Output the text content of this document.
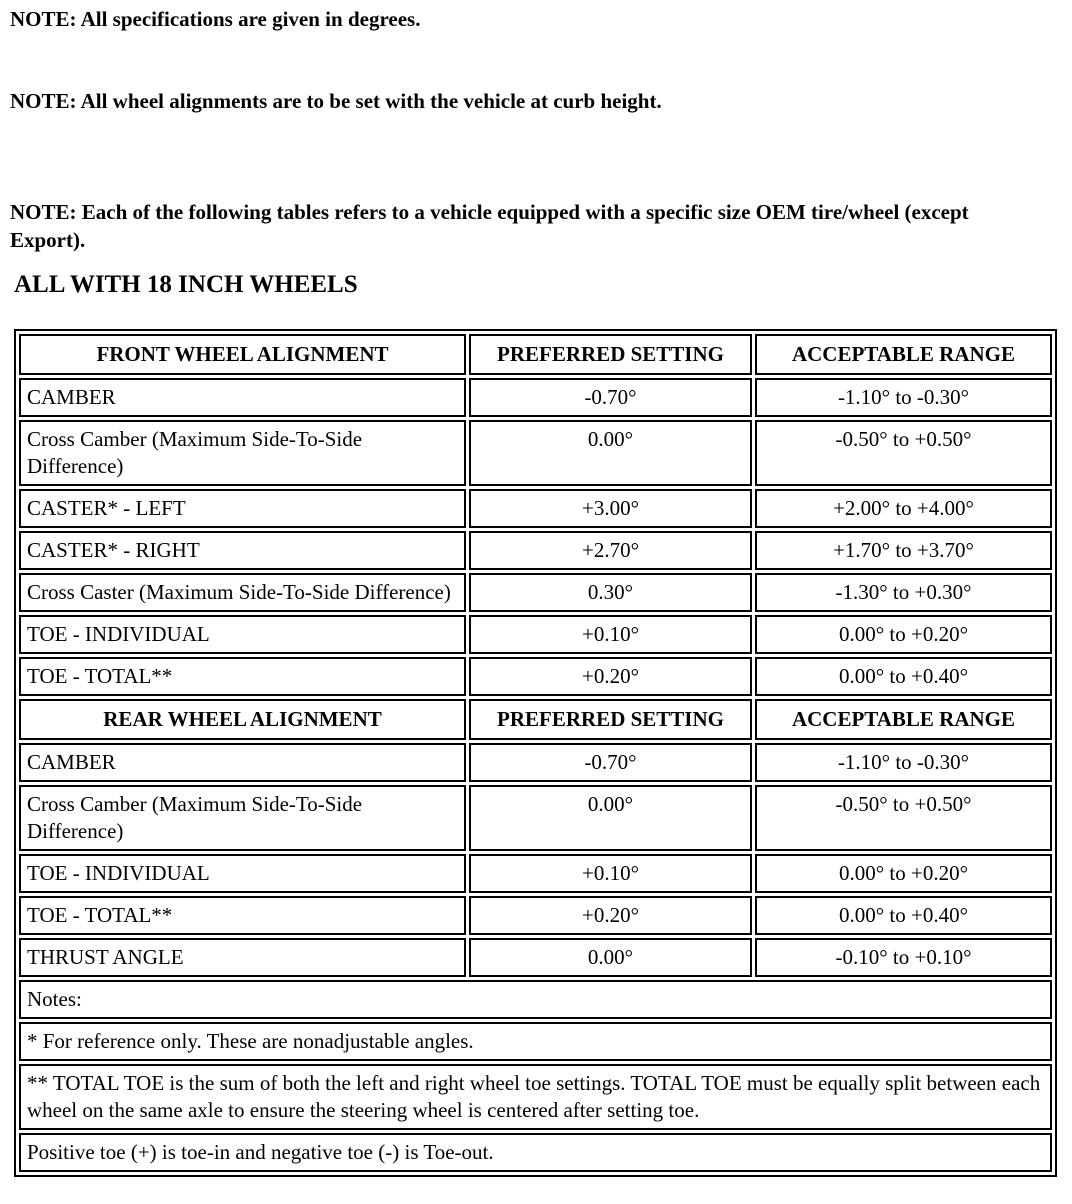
NOTE: All specifications are given in degrees.

NOTE: All wheel alignments are to be set with the vehicle at curb height.

NOTE: Each of the following tables refers to a vehicle equipped with a specific size OEM tire/wheel (except Export).

ALL WITH 18 INCH WHEELS
FRONT WHEEL ALIGNMENT	PREFERRED SETTING	ACCEPTABLE RANGE
CAMBER	-0.70°	-1.10° to -0.30°
Cross Camber (Maximum Side-To-Side Difference)	0.00°	-0.50° to +0.50°
CASTER* - LEFT	+3.00°	+2.00° to +4.00°
CASTER* - RIGHT	+2.70°	+1.70° to +3.70°
Cross Caster (Maximum Side-To-Side Difference)	0.30°	-1.30° to +0.30°
TOE - INDIVIDUAL	+0.10°	0.00° to +0.20°
TOE - TOTAL**	+0.20°	0.00° to +0.40°
REAR WHEEL ALIGNMENT	PREFERRED SETTING	ACCEPTABLE RANGE
CAMBER	-0.70°	-1.10° to -0.30°
Cross Camber (Maximum Side-To-Side Difference)	0.00°	-0.50° to +0.50°
TOE - INDIVIDUAL	+0.10°	0.00° to +0.20°
TOE - TOTAL**	+0.20°	0.00° to +0.40°
THRUST ANGLE	0.00°	-0.10° to +0.10°
Notes:		
* For reference only. These are nonadjustable angles.		
** TOTAL TOE is the sum of both the left and right wheel toe settings. TOTAL TOE must be equally split between each wheel on the same axle to ensure the steering wheel is centered after setting toe.		
Positive toe (+) is toe-in and negative toe (-) is Toe-out.		
